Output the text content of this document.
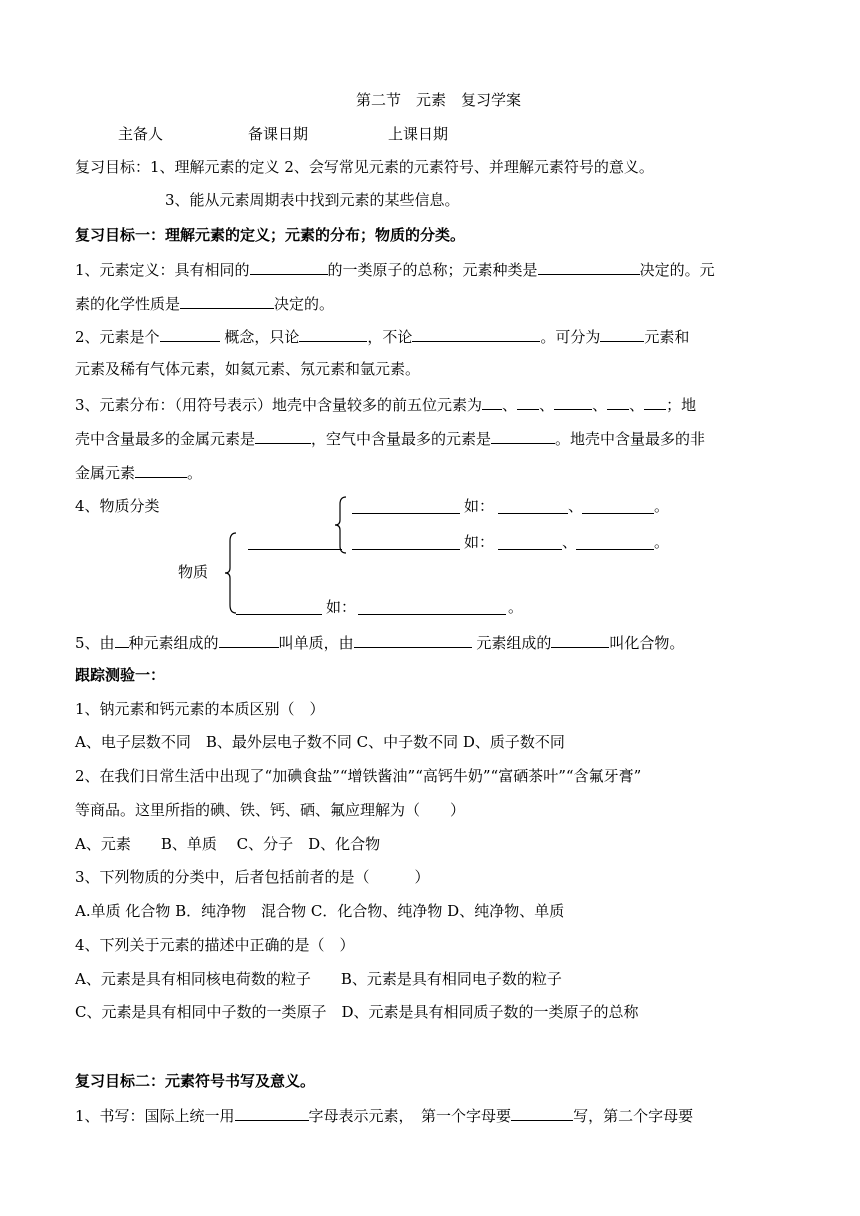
第二节　元素　复习学案
主备人	备课日期	上课日期
复习目标：1、理解元素的定义 2、会写常见元素的元素符号、并理解元素符号的意义。
3、能从元素周期表中找到元素的某些信息。
复习目标一：理解元素的定义；元素的分布；物质的分类。
1、元素定义：具有相同的	的一类原子的总称；元素种类是	决定的。元
素的化学性质是	决定的。
2、元素是个	概念，只论	，不论	。可分为	元素和
元素及稀有气体元素，如氦元素、氖元素和氩元素。
3、元素分布：（用符号表示）地壳中含量较多的前五位元素为 、 、	、 、 ；地
壳中含量最多的金属元素是	，空气中含量最多的元素是	。地壳中含量最多的非
金属元素	。
4、物质分类	如：	、	。
如：	、	。
物质
如：	。
5、由 种元素组成的	叫单质，由	元素组成的	叫化合物。
跟踪测验一：
1、钠元素和钙元素的本质区别（　）
A、电子层数不同　B、最外层电子数不同 C、中子数不同 D、质子数不同
2、在我们日常生活中出现了“加碘食盐”“增铁酱油”“高钙牛奶”“富硒茶叶”“含氟牙膏”
等商品。这里所指的碘、铁、钙、硒、氟应理解为（　　）
A、元素　　B、单质　 C、分子　D、化合物
3、下列物质的分类中，后者包括前者的是（　　　）
A.单质 化合物 B．纯净物　混合物 C．化合物、纯净物 D、纯净物、单质
4、下列关于元素的描述中正确的是（　）
A、元素是具有相同核电荷数的粒子　　B、元素是具有相同电子数的粒子
C、元素是具有相同中子数的一类原子　D、元素是具有相同质子数的一类原子的总称
复习目标二：元素符号书写及意义。
1、书写：国际上统一用	字母表示元素，　第一个字母要	写，第二个字母要
